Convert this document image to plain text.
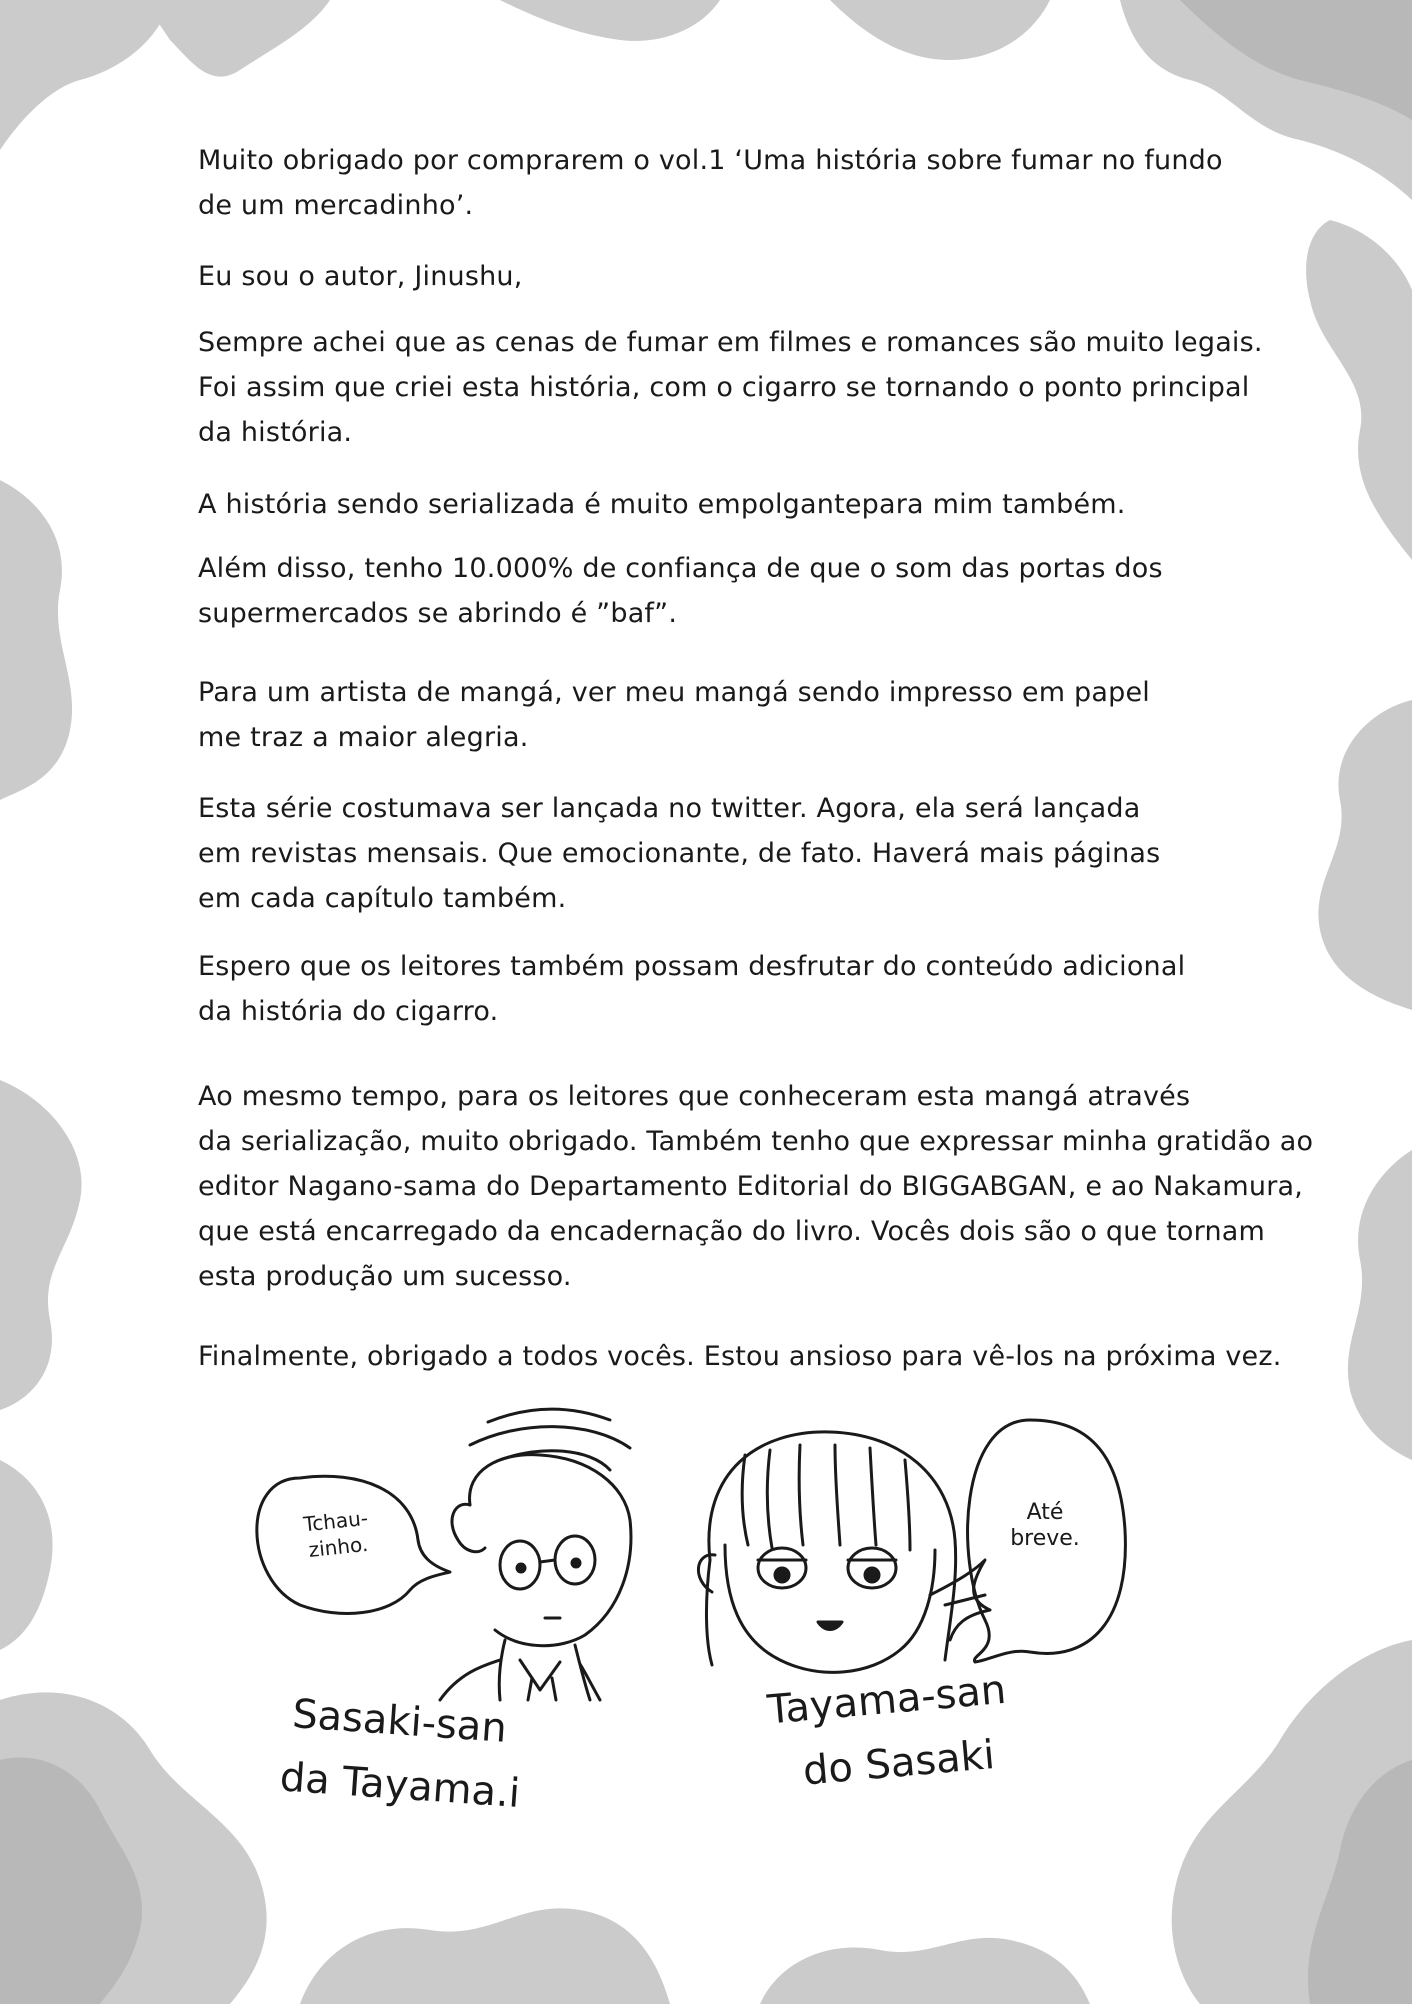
Muito obrigado por comprarem o vol.1 ‘Uma história sobre fumar no fundo
de um mercadinho’.

Eu sou o autor, Jinushu,

Sempre achei que as cenas de fumar em filmes e romances são muito legais.
Foi assim que criei esta história, com o cigarro se tornando o ponto principal
da história.

A história sendo serializada é muito empolgantepara mim também.

Além disso, tenho 10.000% de confiança de que o som das portas dos
supermercados se abrindo é ”baf”.

Para um artista de mangá, ver meu mangá sendo impresso em papel
me traz a maior alegria.

Esta série costumava ser lançada no twitter. Agora, ela será lançada
em revistas mensais. Que emocionante, de fato. Haverá mais páginas
em cada capítulo também.

Espero que os leitores também possam desfrutar do conteúdo adicional
da história do cigarro.

Ao mesmo tempo, para os leitores que conheceram esta mangá através
da serialização, muito obrigado. Também tenho que expressar minha gratidão ao
editor Nagano-sama do Departamento Editorial do BIGGABGAN, e ao Nakamura,
que está encarregado da encadernação do livro. Vocês dois são o que tornam
esta produção um sucesso.

Finalmente, obrigado a todos vocês. Estou ansioso para vê-los na próxima vez.

Tchau-
zinho.
Até
breve.
Sasaki-san
da Tayama.i
Tayama-san
do Sasaki
